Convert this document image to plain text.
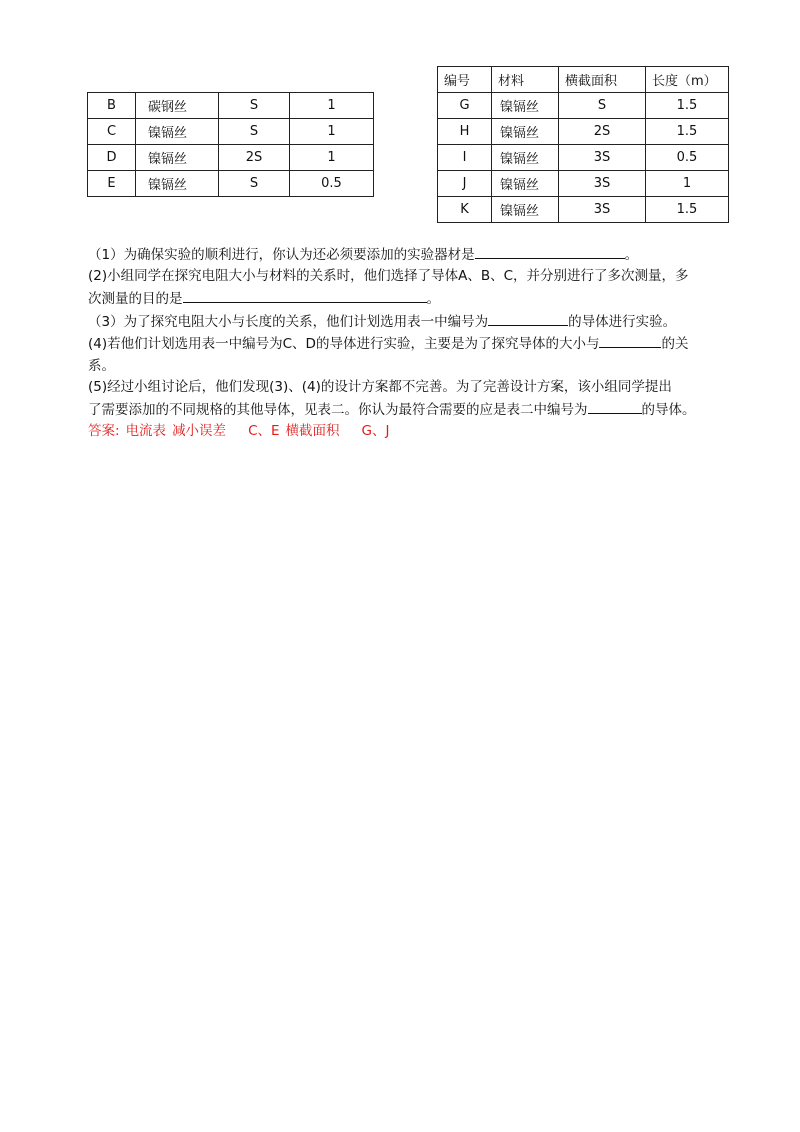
B	碳钢丝	S	1
C	镍镉丝	S	1
D	镍镉丝	2S	1
E	镍镉丝	S	0.5
编号	材料	横截面积	长度（m）
G	镍镉丝	S	1.5
H	镍镉丝	2S	1.5
I	镍镉丝	3S	0.5
J	镍镉丝	3S	1
K	镍镉丝	3S	1.5
（1）为确保实验的顺利进行，你认为还必须要添加的实验器材是	。
(2)小组同学在探究电阻大小与材料的关系时，他们选择了导体A、B、C，并分别进行了多次测量，多
次测量的目的是	。
（3）为了探究电阻大小与长度的关系，他们计划选用表一中编号为	的导体进行实验。
(4)若他们计划选用表一中编号为C、D的导体进行实验，主要是为了探究导体的大小与	的关
系。
(5)经过小组讨论后，他们发现(3)、(4)的设计方案都不完善。为了完善设计方案，该小组同学提出
了需要添加的不同规格的其他导体，见表二。你认为最符合需要的应是表二中编号为	的导体。
答案: 电流表 减小误差 C、E 横截面积 G、J
